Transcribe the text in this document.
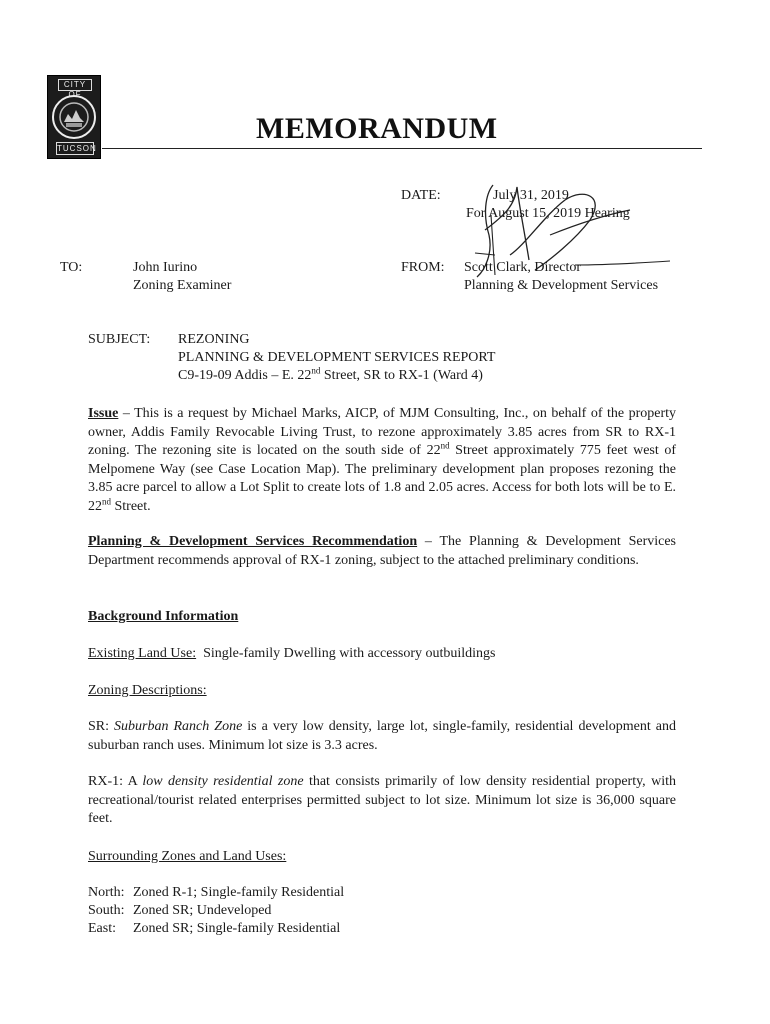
CITY OF
TUCSON
MEMORANDUM
DATE:	July 31, 2019
For August 15, 2019 Hearing
TO:	John Iurino
Zoning Examiner
FROM: Scott Clark, Director
Planning & Development Services
SUBJECT: REZONING
PLANNING & DEVELOPMENT SERVICES REPORT
C9-19-09 Addis – E. 22nd Street, SR to RX-1 (Ward 4)
Issue – This is a request by Michael Marks, AICP, of MJM Consulting, Inc., on behalf of the property owner, Addis Family Revocable Living Trust, to rezone approximately 3.85 acres from SR to RX-1 zoning. The rezoning site is located on the south side of 22nd Street approximately 775 feet west of Melpomene Way (see Case Location Map). The preliminary development plan proposes rezoning the 3.85 acre parcel to allow a Lot Split to create lots of 1.8 and 2.05 acres. Access for both lots will be to E. 22nd Street.
Planning & Development Services Recommendation – The Planning & Development Services Department recommends approval of RX-1 zoning, subject to the attached preliminary conditions.
Background Information
Existing Land Use:  Single-family Dwelling with accessory outbuildings
Zoning Descriptions:
SR: Suburban Ranch Zone is a very low density, large lot, single-family, residential development and suburban ranch uses. Minimum lot size is 3.3 acres.
RX-1: A low density residential zone that consists primarily of low density residential property, with recreational/tourist related enterprises permitted subject to lot size. Minimum lot size is 36,000 square feet.
Surrounding Zones and Land Uses:
North: Zoned R-1; Single-family Residential
South: Zoned SR; Undeveloped
East: Zoned SR; Single-family Residential
